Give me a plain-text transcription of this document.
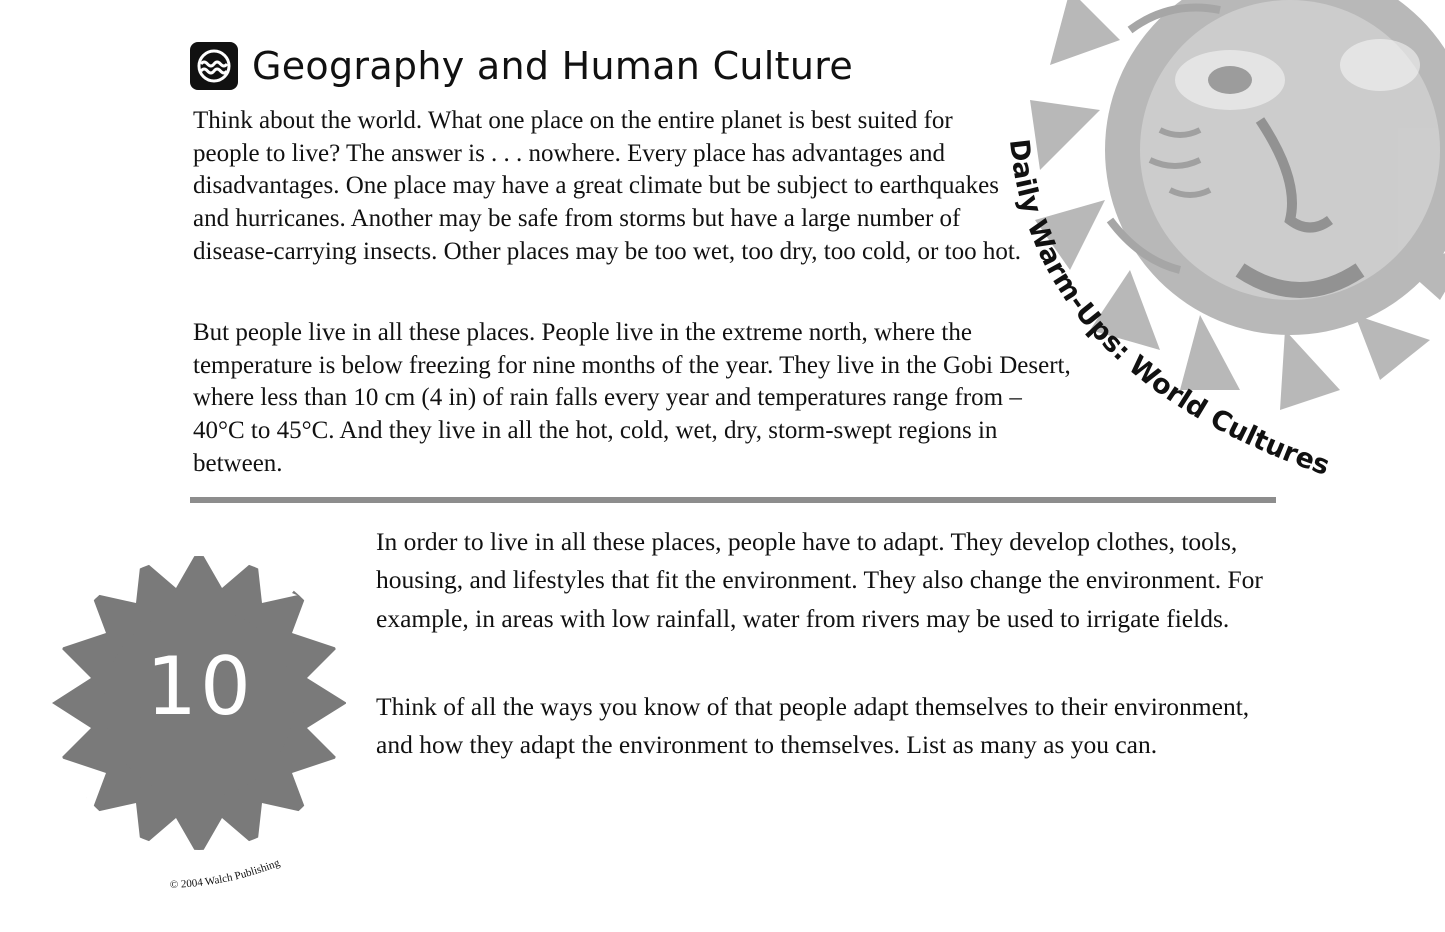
Daily Warm-Ups: World Cultures
Geography and Human Culture

Think about the world. What one place on the entire planet is best suited for people to live? The answer is . . . nowhere. Every place has advantages and disadvantages. One place may have a great climate but be subject to earthquakes and hurricanes. Another may be safe from storms but have a large number of disease-carrying insects. Other places may be too wet, too dry, too cold, or too hot.

But people live in all these places. People live in the extreme north, where the temperature is below freezing for nine months of the year. They live in the Gobi Desert, where less than 10 cm (4 in) of rain falls every year and temperatures range from –40°C to 45°C. And they live in all the hot, cold, wet, dry, storm-swept regions in between.

10

In order to live in all these places, people have to adapt. They develop clothes, tools, housing, and lifestyles that fit the environment. They also change the environment. For example, in areas with low rainfall, water from rivers may be used to irrigate fields.

Think of all the ways you know of that people adapt themselves to their environment, and how they adapt the environment to themselves. List as many as you can.

© 2004 Walch Publishing
